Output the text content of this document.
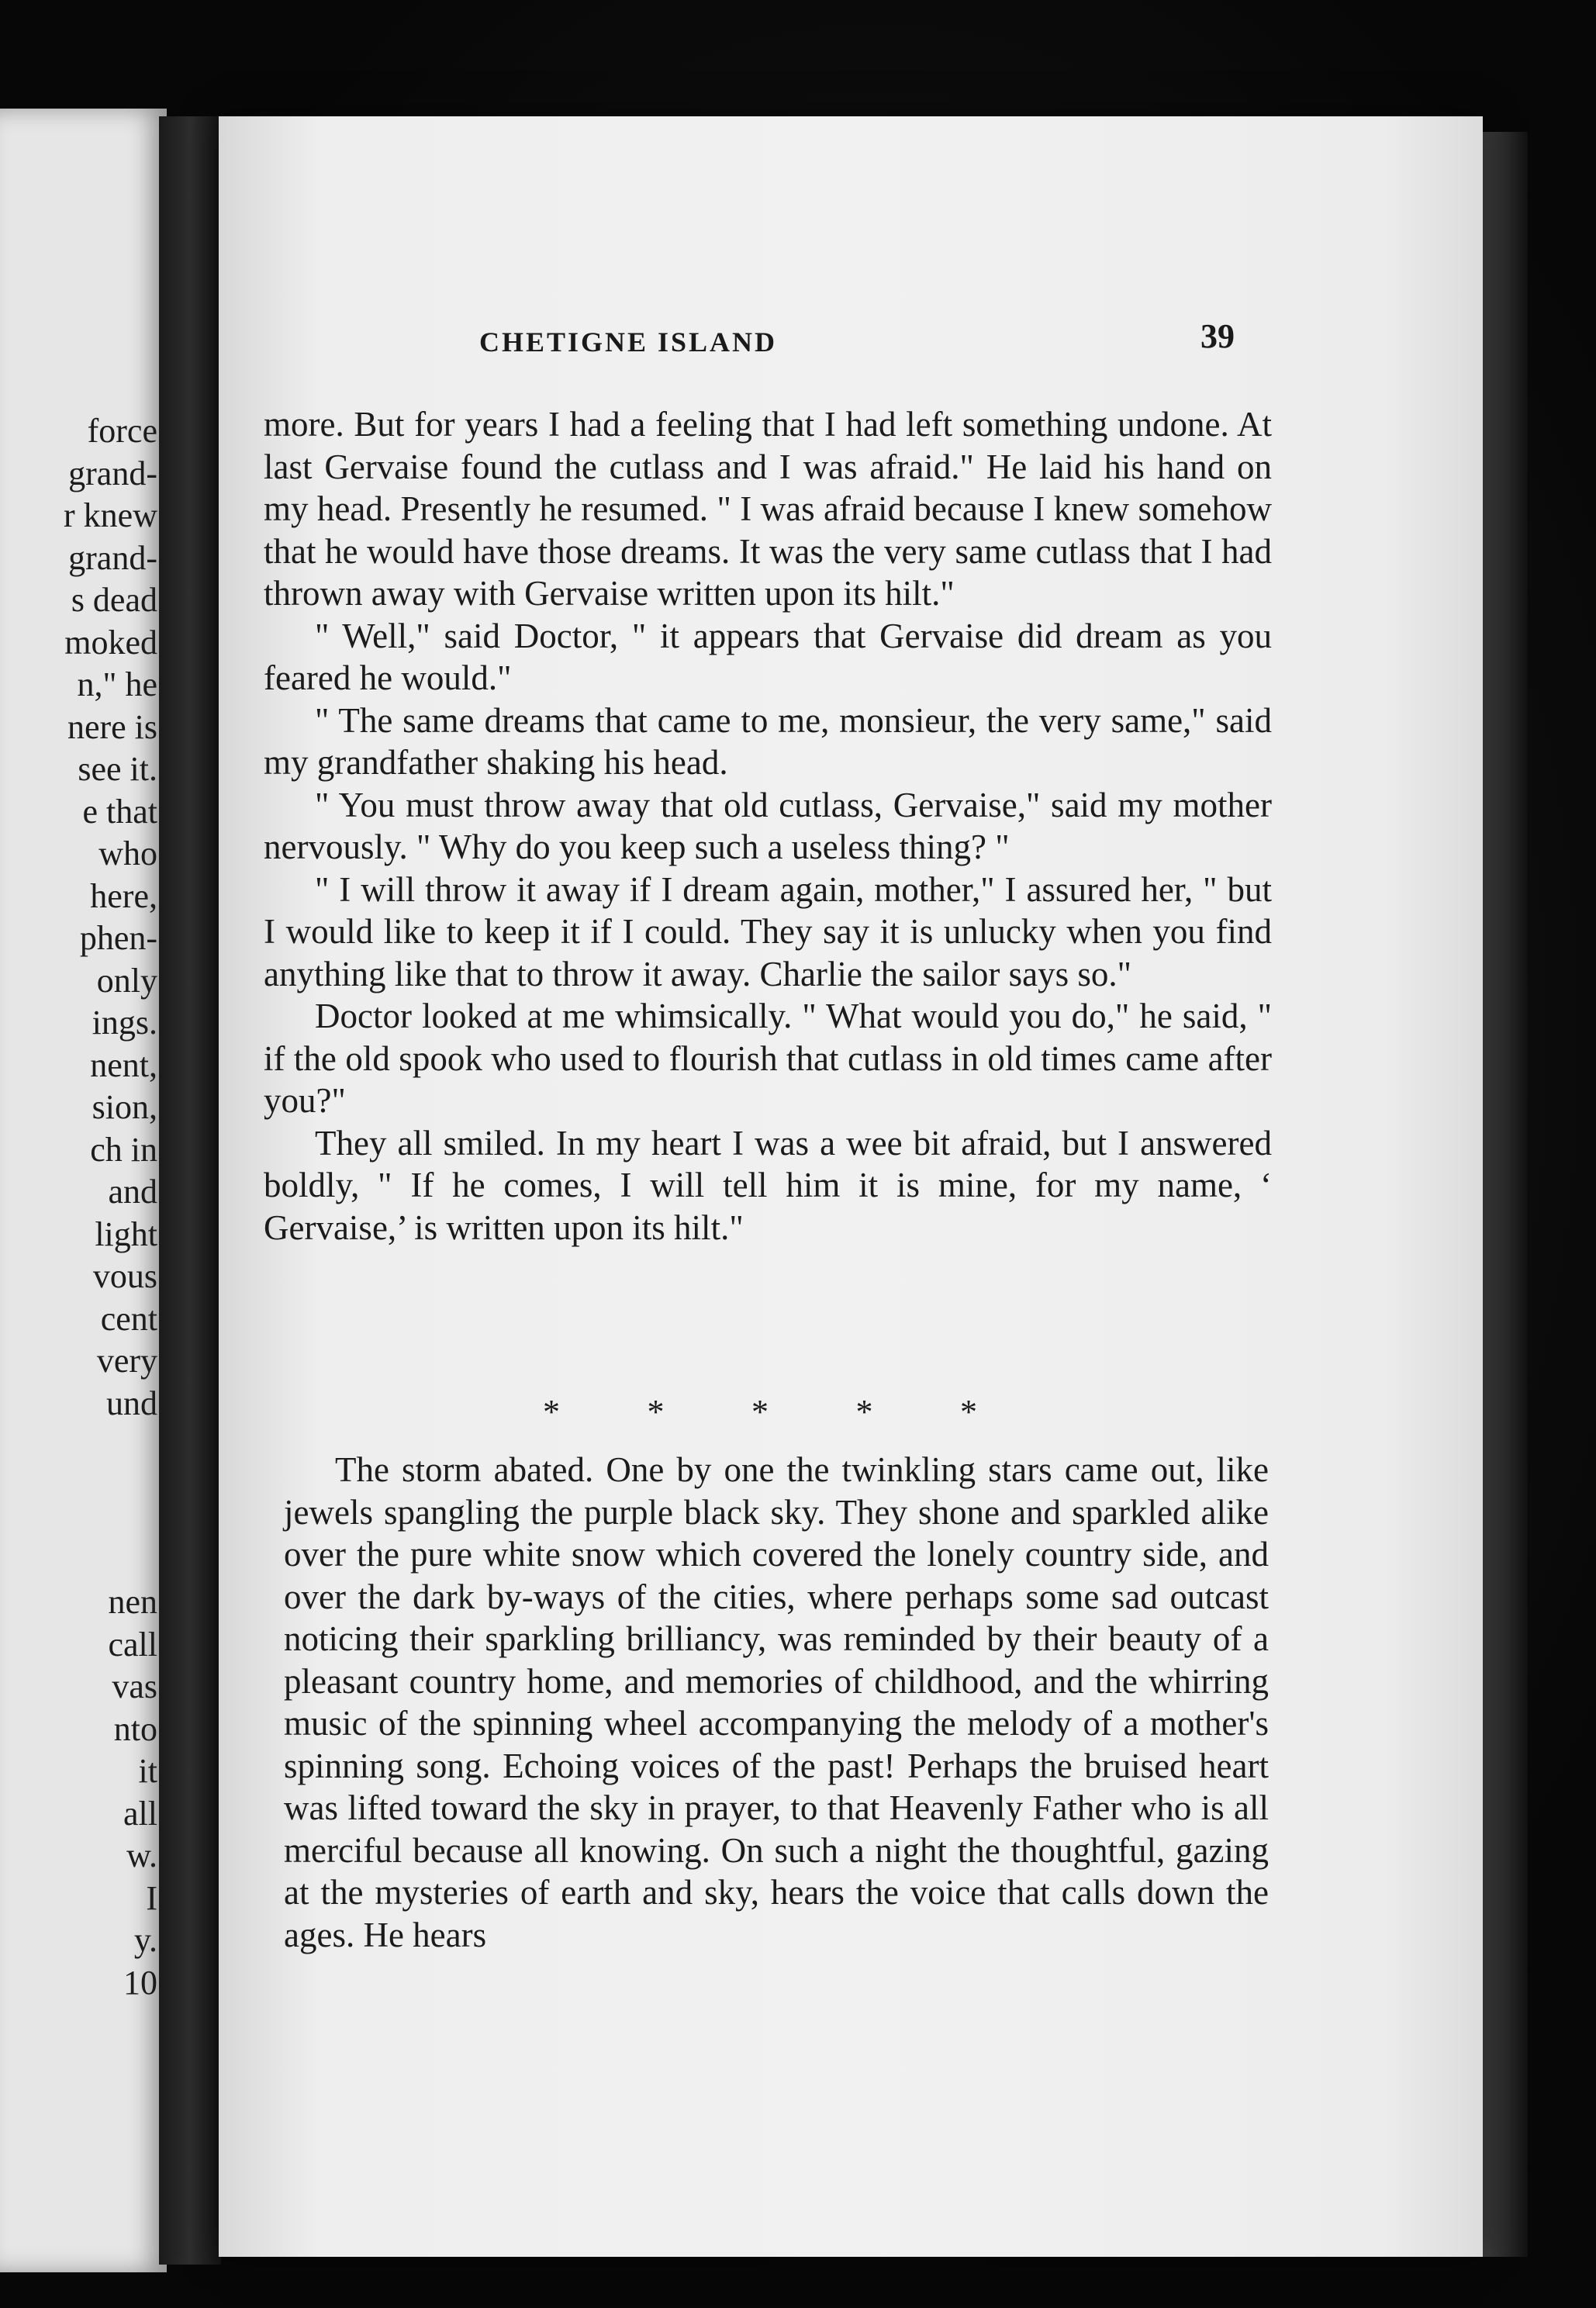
force
grand-
r knew
grand-
s dead
moked
n," he
nere is
see it.
e that
who
here,
phen-
only
ings.
nent,
sion,
ch in
and
light
vous
cent
very
und
nen
call
vas
nto
it
all
w.
I
y.
10
CHETIGNE ISLAND	39

more. But for years I had a feeling that I had left something undone. At last Gervaise found the cutlass and I was afraid." He laid his hand on my head. Presently he resumed. " I was afraid because I knew somehow that he would have those dreams. It was the very same cutlass that I had thrown away with Gervaise written upon its hilt."

" Well," said Doctor, " it appears that Gervaise did dream as you feared he would."

" The same dreams that came to me, monsieur, the very same," said my grandfather shaking his head.

" You must throw away that old cutlass, Gervaise," said my mother nervously. " Why do you keep such a useless thing? "

" I will throw it away if I dream again, mother," I assured her, " but I would like to keep it if I could. They say it is unlucky when you find anything like that to throw it away. Charlie the sailor says so."

Doctor looked at me whimsically. " What would you do," he said, " if the old spook who used to flourish that cutlass in old times came after you?"

They all smiled. In my heart I was a wee bit afraid, but I answered boldly, " If he comes, I will tell him it is mine, for my name, ‘ Gervaise,’ is written upon its hilt."

*	*	*	*	*

The storm abated. One by one the twinkling stars came out, like jewels spangling the purple black sky. They shone and sparkled alike over the pure white snow which covered the lonely country side, and over the dark by-ways of the cities, where perhaps some sad outcast noticing their sparkling brilliancy, was reminded by their beauty of a pleasant country home, and memories of childhood, and the whirring music of the spinning wheel accompanying the melody of a mother's spinning song. Echoing voices of the past! Perhaps the bruised heart was lifted toward the sky in prayer, to that Heavenly Father who is all merciful because all knowing. On such a night the thoughtful, gazing at the mysteries of earth and sky, hears the voice that calls down the ages. He hears
